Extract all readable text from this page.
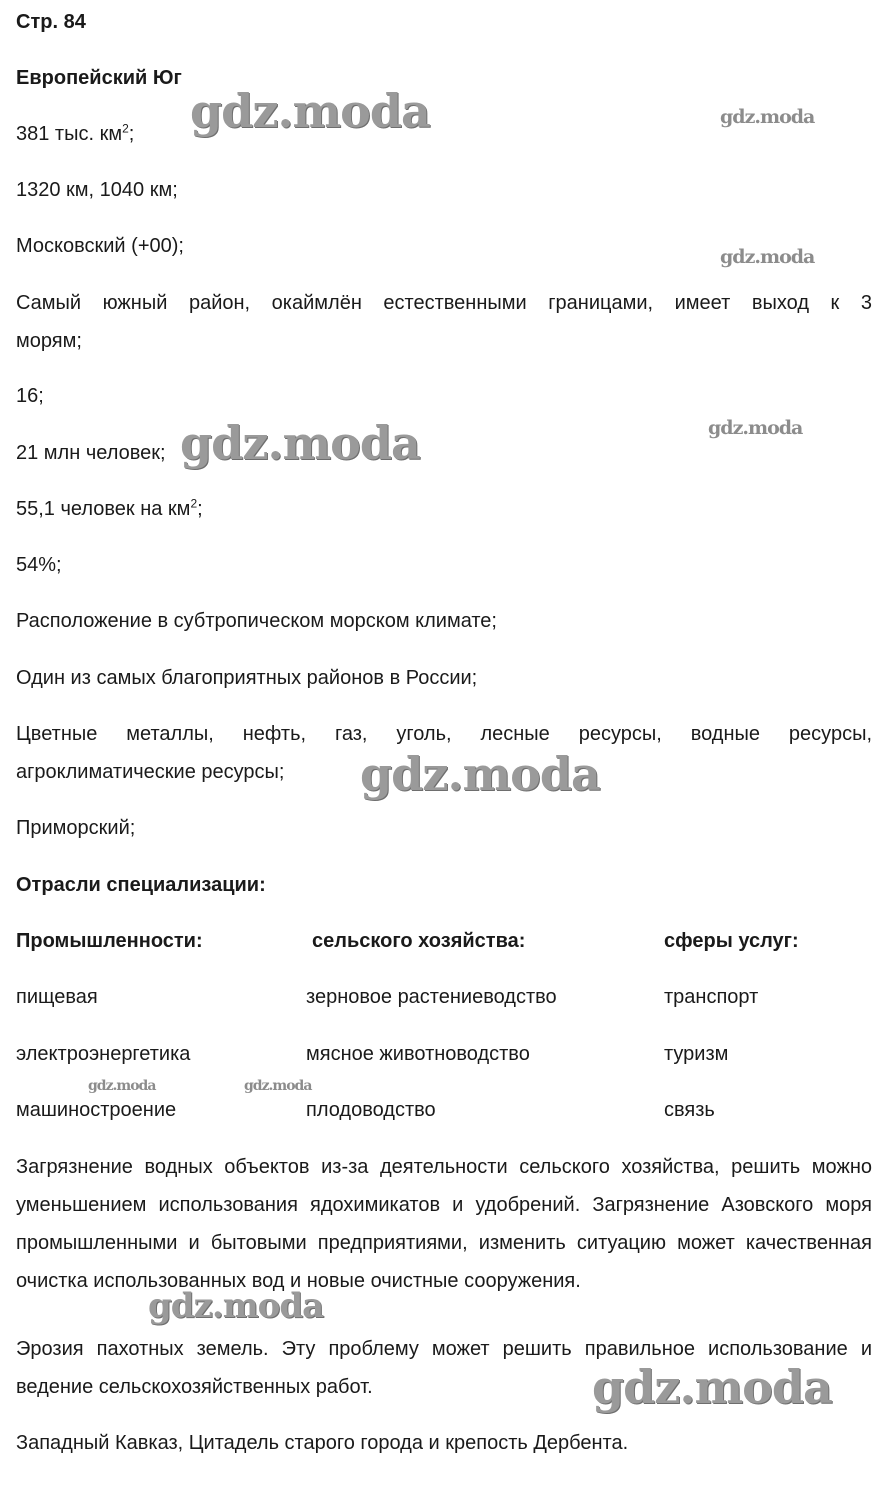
Стр. 84
Европейский Юг
381 тыс. $км^2$;
1320 км, 1040 км;
Московский (+00);
Самый южный район, окаймлён естественными границами, имеет выход к 3
морям;
16;
21 млн человек;
55,1 человек на $км^2$;
54%;
Расположение в субтропическом морском климате;
Один из самых благоприятных районов в России;
Цветные металлы, нефть, газ, уголь, лесные ресурсы, водные ресурсы,
агроклиматические ресурсы;
Приморский;
Отрасли специализации:
Промышленности:	сельского хозяйства:	сферы услуг:
пищевая	зерновое растениеводство	транспорт
электроэнергетика	мясное животноводство	туризм
машиностроение	плодоводство	связь
Загрязнение водных объектов из-за деятельности сельского хозяйства, решить можно уменьшением использования ядохимикатов и удобрений. Загрязнение Азовского моря промышленными и бытовыми предприятиями, изменить ситуацию может качественная очистка использованных вод и новые очистные сооружения.
Эрозия пахотных земель. Эту проблему может решить правильное использование и ведение сельскохозяйственных работ.
Западный Кавказ, Цитадель старого города и крепость Дербента.
gdz.moda	gdz.moda
gdz.moda
gdz.moda
gdz.moda
gdz.moda
gdz.moda	gdz.moda
gdz.moda
gdz.moda
